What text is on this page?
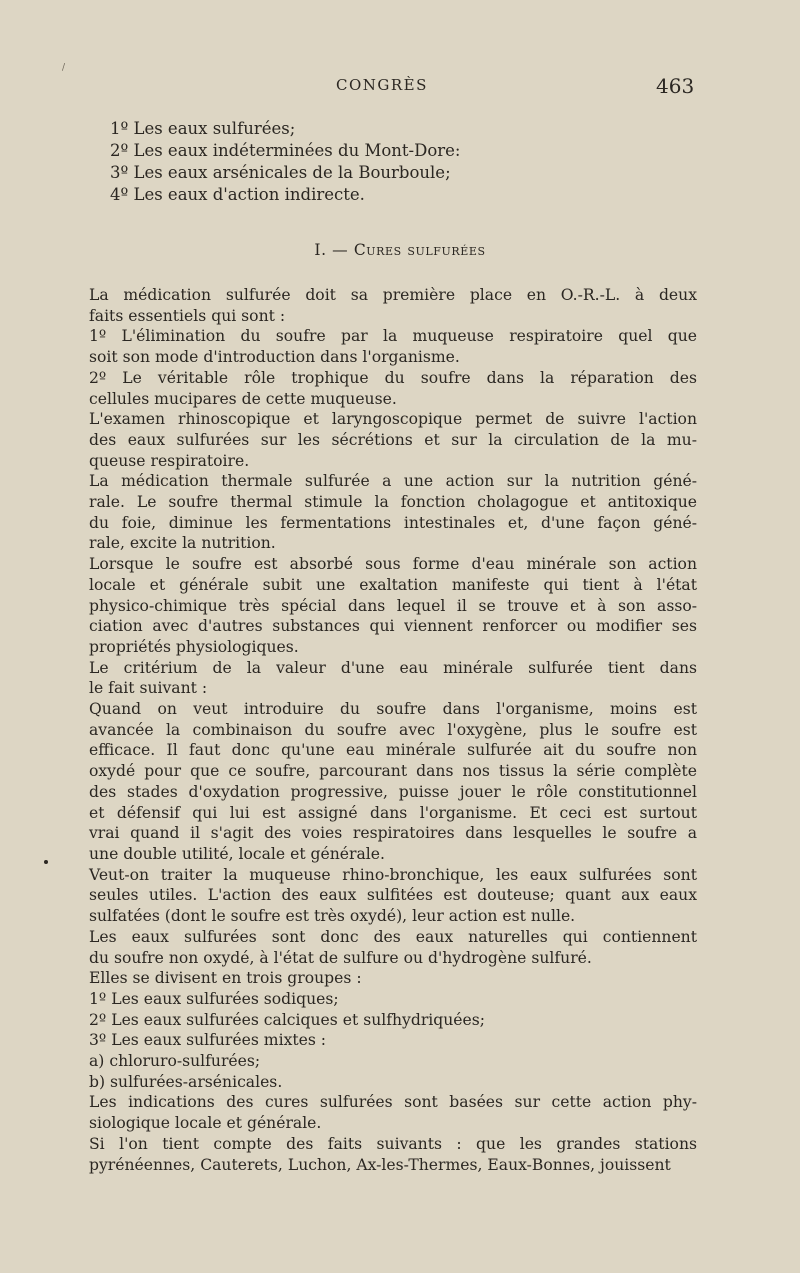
/
CONGRÈS	463
1º Les eaux sulfurées;
2º Les eaux indéterminées du Mont-Dore:
3º Les eaux arsénicales de la Bourboule;
4º Les eaux d'action indirecte.
I. — Cures sulfurées
La médication sulfurée doit sa première place en O.-R.-L. à deux
faits essentiels qui sont :
1º L'élimination du soufre par la muqueuse respiratoire quel que
soit son mode d'introduction dans l'organisme.
2º Le véritable rôle trophique du soufre dans la réparation des
cellules mucipares de cette muqueuse.
L'examen rhinoscopique et laryngoscopique permet de suivre l'action
des eaux sulfurées sur les sécrétions et sur la circulation de la mu-
queuse respiratoire.
La médication thermale sulfurée a une action sur la nutrition géné-
rale. Le soufre thermal stimule la fonction cholagogue et antitoxique
du foie, diminue les fermentations intestinales et, d'une façon géné-
rale, excite la nutrition.
Lorsque le soufre est absorbé sous forme d'eau minérale son action
locale et générale subit une exaltation manifeste qui tient à l'état
physico-chimique très spécial dans lequel il se trouve et à son asso-
ciation avec d'autres substances qui viennent renforcer ou modifier ses
propriétés physiologiques.
Le critérium de la valeur d'une eau minérale sulfurée tient dans
le fait suivant :
Quand on veut introduire du soufre dans l'organisme, moins est
avancée la combinaison du soufre avec l'oxygène, plus le soufre est
efficace. Il faut donc qu'une eau minérale sulfurée ait du soufre non
oxydé pour que ce soufre, parcourant dans nos tissus la série complète
des stades d'oxydation progressive, puisse jouer le rôle constitutionnel
et défensif qui lui est assigné dans l'organisme. Et ceci est surtout
vrai quand il s'agit des voies respiratoires dans lesquelles le soufre a
une double utilité, locale et générale.
Veut-on traiter la muqueuse rhino-bronchique, les eaux sulfurées sont
seules utiles. L'action des eaux sulfitées est douteuse; quant aux eaux
sulfatées (dont le soufre est très oxydé), leur action est nulle.
Les eaux sulfurées sont donc des eaux naturelles qui contiennent
du soufre non oxydé, à l'état de sulfure ou d'hydrogène sulfuré.
Elles se divisent en trois groupes :
1º Les eaux sulfurées sodiques;
2º Les eaux sulfurées calciques et sulfhydriquées;
3º Les eaux sulfurées mixtes :
a) chloruro-sulfurées;
b) sulfurées-arsénicales.
Les indications des cures sulfurées sont basées sur cette action phy-
siologique locale et générale.
Si l'on tient compte des faits suivants : que les grandes stations
pyrénéennes, Cauterets, Luchon, Ax-les-Thermes, Eaux-Bonnes, jouissent
